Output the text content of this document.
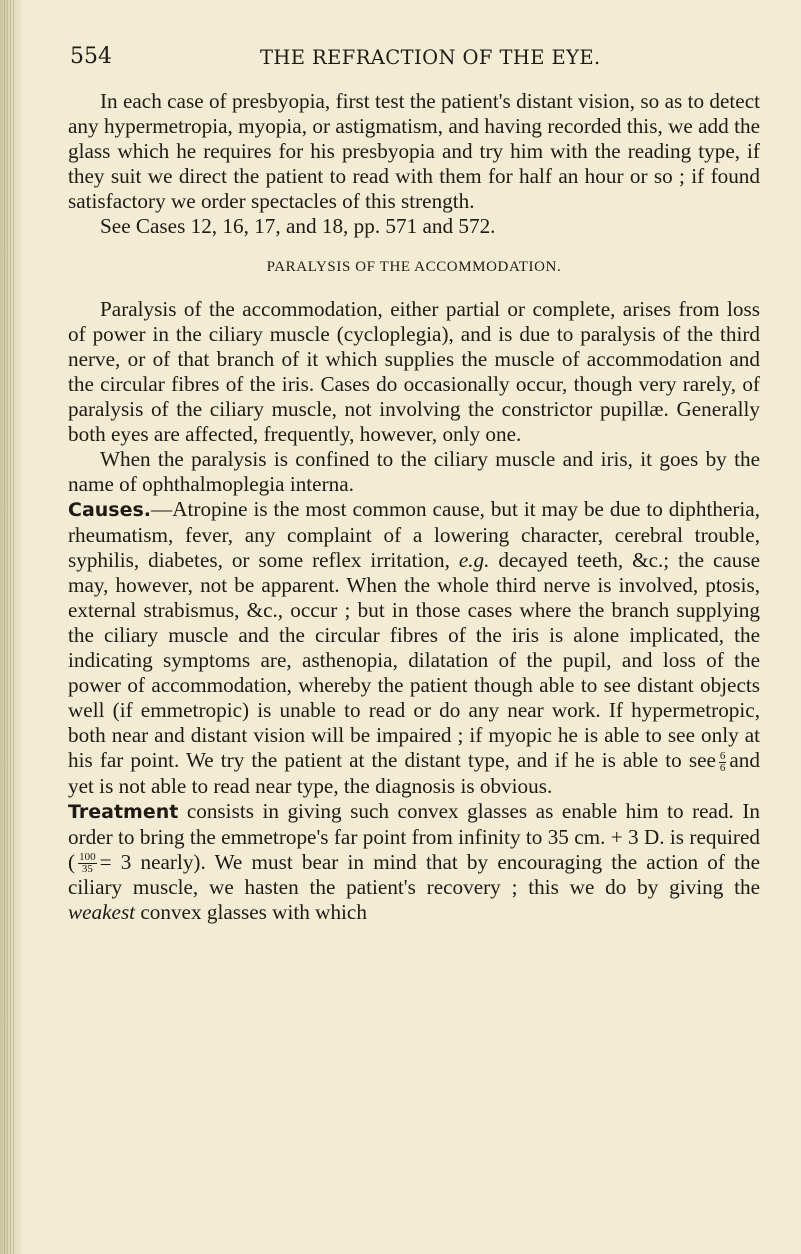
554	THE REFRACTION OF THE EYE.

In each case of presbyopia, first test the patient's distant vision, so as to detect any hypermetropia, myopia, or astigmatism, and having recorded this, we add the glass which he requires for his presbyopia and try him with the reading type, if they suit we direct the patient to read with them for half an hour or so ; if found satisfactory we order spectacles of this strength.

See Cases 12, 16, 17, and 18, pp. 571 and 572.

PARALYSIS OF THE ACCOMMODATION.

Paralysis of the accommodation, either partial or complete, arises from loss of power in the ciliary muscle (cycloplegia), and is due to paralysis of the third nerve, or of that branch of it which supplies the muscle of accommodation and the circular fibres of the iris. Cases do occasionally occur, though very rarely, of paralysis of the ciliary muscle, not involving the constrictor pupillæ. Generally both eyes are affected, frequently, however, only one.

When the paralysis is confined to the ciliary muscle and iris, it goes by the name of ophthalmoplegia interna.

Causes.—Atropine is the most common cause, but it may be due to diphtheria, rheumatism, fever, any complaint of a lowering character, cerebral trouble, syphilis, diabetes, or some reflex irritation, e.g. decayed teeth, &c.; the cause may, however, not be apparent. When the whole third nerve is involved, ptosis, external strabismus, &c., occur ; but in those cases where the branch supplying the ciliary muscle and the circular fibres of the iris is alone implicated, the indicating symptoms are, asthenopia, dilatation of the pupil, and loss of the power of accommodation, whereby the patient though able to see distant objects well (if emmetropic) is unable to read or do any near work. If hypermetropic, both near and distant vision will be impaired ; if myopic he is able to see only at his far point. We try the patient at the distant type, and if he is able to see $\frac{6}{6}$ and yet is not able to read near type, the diagnosis is obvious.

Treatment consists in giving such convex glasses as enable him to read. In order to bring the emmetrope's far point from infinity to 35 cm. + 3 D. is required ( $\frac{100}{35} = 3$ nearly). We must bear in mind that by encouraging the action of the ciliary muscle, we hasten the patient's recovery ; this we do by giving the weakest convex glasses with which
